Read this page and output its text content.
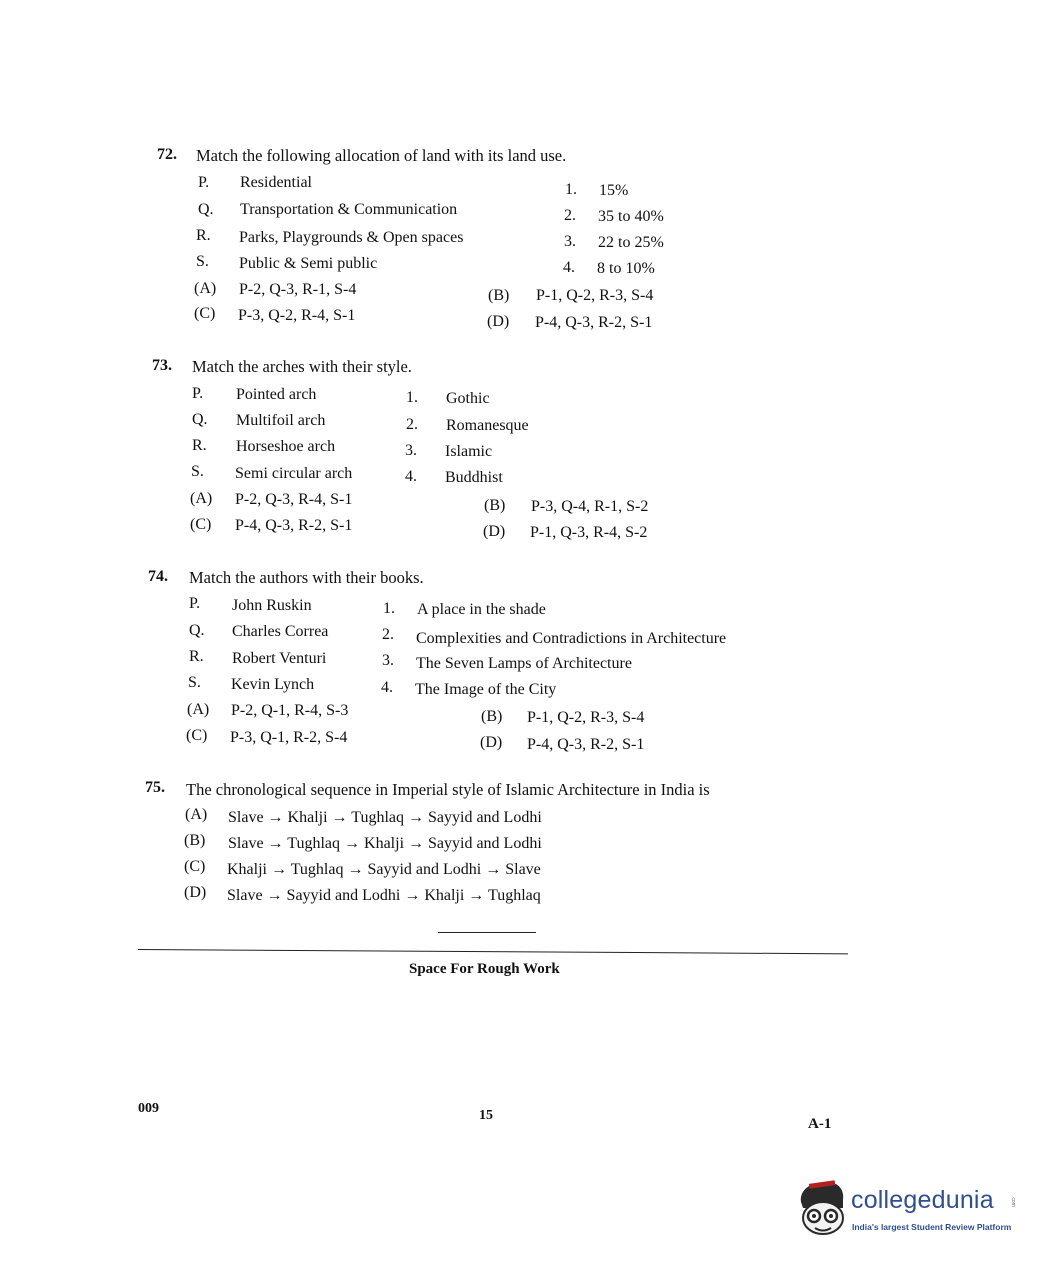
72. Match the following allocation of land with its land use.
P. Residential
Q. Transportation & Communication
R. Parks, Playgrounds & Open spaces
S. Public & Semi public
1. 15%
2. 35 to 40%
3. 22 to 25%
4. 8 to 10%
(A) P-2, Q-3, R-1, S-4	(B) P-1, Q-2, R-3, S-4
(C) P-3, Q-2, R-4, S-1	(D) P-4, Q-3, R-2, S-1
73. Match the arches with their style.
P. Pointed arch
Q. Multifoil arch
R. Horseshoe arch
S. Semi circular arch
1. Gothic
2. Romanesque
3. Islamic
4. Buddhist
(A) P-2, Q-3, R-4, S-1	(B) P-3, Q-4, R-1, S-2
(C) P-4, Q-3, R-2, S-1	(D) P-1, Q-3, R-4, S-2
74. Match the authors with their books.
P. John Ruskin
Q. Charles Correa
R. Robert Venturi
S. Kevin Lynch
1. A place in the shade
2. Complexities and Contradictions in Architecture
3. The Seven Lamps of Architecture
4. The Image of the City
(A) P-2, Q-1, R-4, S-3	(B) P-1, Q-2, R-3, S-4
(C) P-3, Q-1, R-2, S-4	(D) P-4, Q-3, R-2, S-1
75. The chronological sequence in Imperial style of Islamic Architecture in India is
(A) Slave → Khalji → Tughlaq → Sayyid and Lodhi
(B) Slave → Tughlaq → Khalji → Sayyid and Lodhi
(C) Khalji → Tughlaq → Sayyid and Lodhi → Slave
(D) Slave → Sayyid and Lodhi → Khalji → Tughlaq
Space For Rough Work
009	15
A-1
collegedunia	.com
India's largest Student Review Platform
